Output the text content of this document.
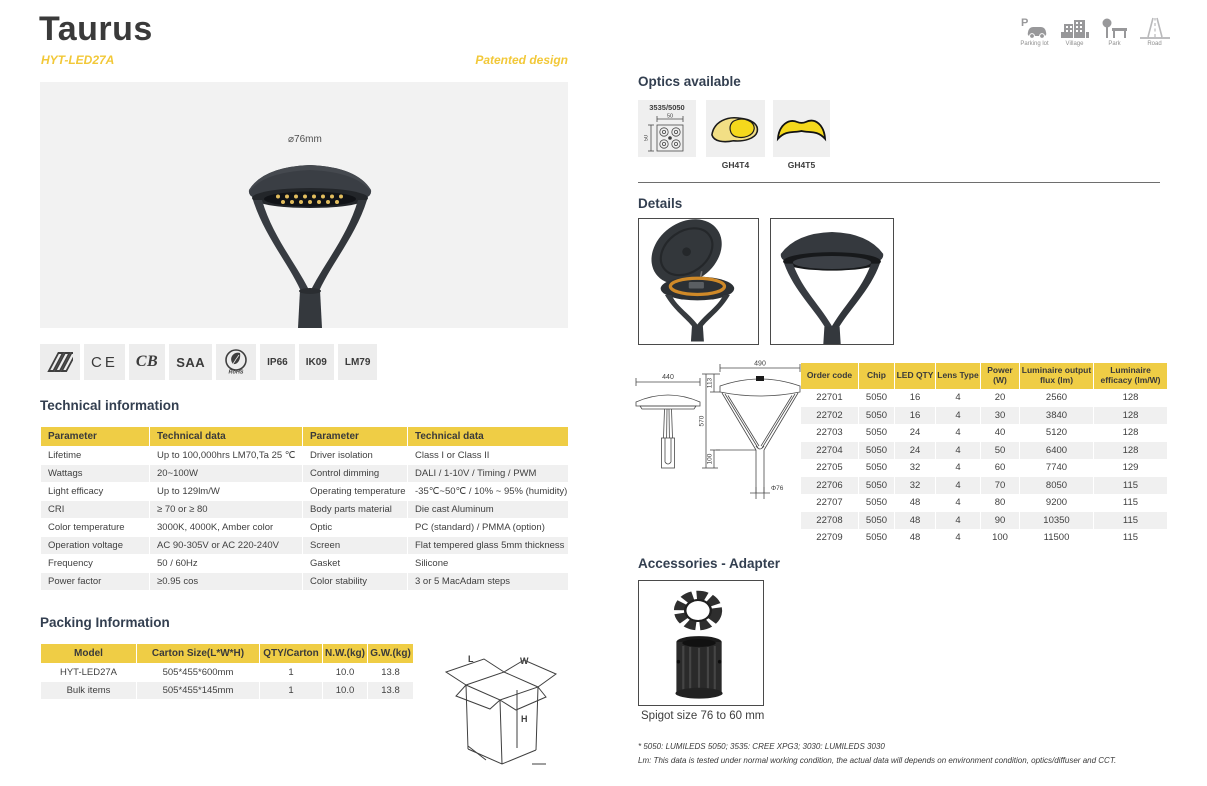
Taurus
HYT-LED27A	Patented design
P
Parking lot	Village	Park	Road
⌀76mm
CE	CB	SAA
RoHS
IP66	IK09	LM79
Technical information
Parameter	Technical data	Parameter	Technical data
Lifetime	Up to 100,000hrs LM70,Ta 25 ℃	Driver isolation	Class I or Class II
Wattags	20~100W	Control dimming	DALI / 1-10V / Timing / PWM
Light efficacy	Up to 129lm/W	Operating temperature	-35℃~50℃ / 10% ~ 95% (humidity)
CRI	≥ 70 or ≥ 80	Body parts material	Die cast Aluminum
Color temperature	3000K, 4000K, Amber color	Optic	PC (standard) / PMMA (option)
Operation voltage	AC 90-305V or AC 220-240V	Screen	Flat tempered glass 5mm thickness
Frequency	50 / 60Hz	Gasket	Silicone
Power factor	≥0.95 cos	Color stability	3 or 5 MacAdam steps
Packing Information
Model	Carton Size(L*W*H)	QTY/Carton	N.W.(kg)	G.W.(kg)
HYT-LED27A	505*455*600mm	1	10.0	13.8
Bulk items	505*455*145mm	1	10.0	13.8
L	W
H
Optics available
3535/5050
50
50
GH4T4	GH4T5
Details
440
490
113
570
100
Φ76
Order code	Chip	LED QTY	Lens Type	Power (W)	Luminaire output flux (lm)	Luminaire efficacy (lm/W)
22701	5050	16	4	20	2560	128
22702	5050	16	4	30	3840	128
22703	5050	24	4	40	5120	128
22704	5050	24	4	50	6400	128
22705	5050	32	4	60	7740	129
22706	5050	32	4	70	8050	115
22707	5050	48	4	80	9200	115
22708	5050	48	4	90	10350	115
22709	5050	48	4	100	11500	115
Accessories - Adapter
Spigot size 76 to 60 mm
* 5050: LUMILEDS 5050; 3535: CREE XPG3; 3030: LUMILEDS 3030
Lm: This data is tested under normal working condition, the actual data will depends on environment condition, optics/diffuser and CCT.
